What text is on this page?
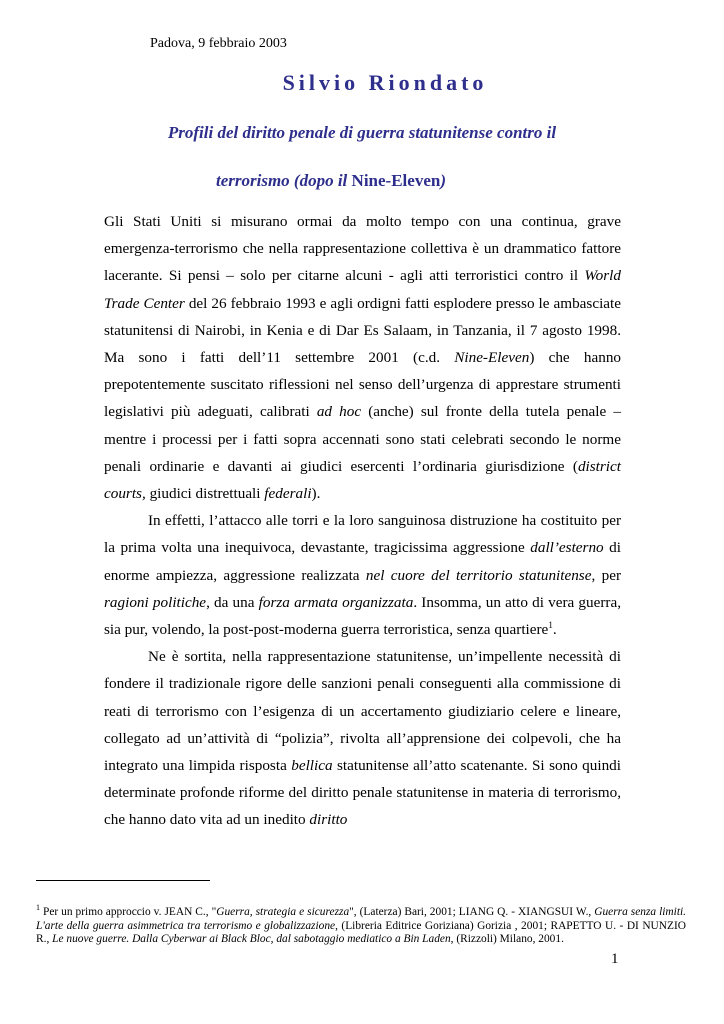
Padova, 9 febbraio 2003
Silvio Riondato
Profili del diritto penale di guerra statunitense contro il
terrorismo (dopo il Nine-Eleven)

Gli Stati Uniti si misurano ormai da molto tempo con una continua, grave emergenza-terrorismo che nella rappresentazione collettiva è un drammatico fattore lacerante. Si pensi – solo per citarne alcuni - agli atti terroristici contro il World Trade Center del 26 febbraio 1993 e agli ordigni fatti esplodere presso le ambasciate statunitensi di Nairobi, in Kenia e di Dar Es Salaam, in Tanzania, il 7 agosto 1998. Ma sono i fatti dell’11 settembre 2001 (c.d. Nine-Eleven) che hanno prepotentemente suscitato riflessioni nel senso dell’urgenza di apprestare strumenti legislativi più adeguati, calibrati ad hoc (anche) sul fronte della tutela penale – mentre i processi per i fatti sopra accennati sono stati celebrati secondo le norme penali ordinarie e davanti ai giudici esercenti l’ordinaria giurisdizione (district courts, giudici distrettuali federali).

In effetti, l’attacco alle torri e la loro sanguinosa distruzione ha costituito per la prima volta una inequivoca, devastante, tragicissima aggressione dall’esterno di enorme ampiezza, aggressione realizzata nel cuore del territorio statunitense, per ragioni politiche, da una forza armata organizzata. Insomma, un atto di vera guerra, sia pur, volendo, la post-post-moderna guerra terroristica, senza quartiere$^1$.

Ne è sortita, nella rappresentazione statunitense, un’impellente necessità di fondere il tradizionale rigore delle sanzioni penali conseguenti alla commissione di reati di terrorismo con l’esigenza di un accertamento giudiziario celere e lineare, collegato ad un’attività di “polizia”, rivolta all’apprensione dei colpevoli, che ha integrato una limpida risposta bellica statunitense all’atto scatenante. Si sono quindi determinate profonde riforme del diritto penale statunitense in materia di terrorismo, che hanno dato vita ad un inedito diritto

$^1$ Per un primo approccio v. JEAN C., "Guerra, strategia e sicurezza", (Laterza) Bari, 2001; LIANG Q. - XIANGSUI W., Guerra senza limiti. L'arte della guerra asimmetrica tra terrorismo e globalizzazione, (Libreria Editrice Goriziana) Gorizia , 2001; RAPETTO U. - DI NUNZIO R., Le nuove guerre. Dalla Cyberwar ai Black Bloc, dal sabotaggio mediatico a Bin Laden, (Rizzoli) Milano, 2001.
1
